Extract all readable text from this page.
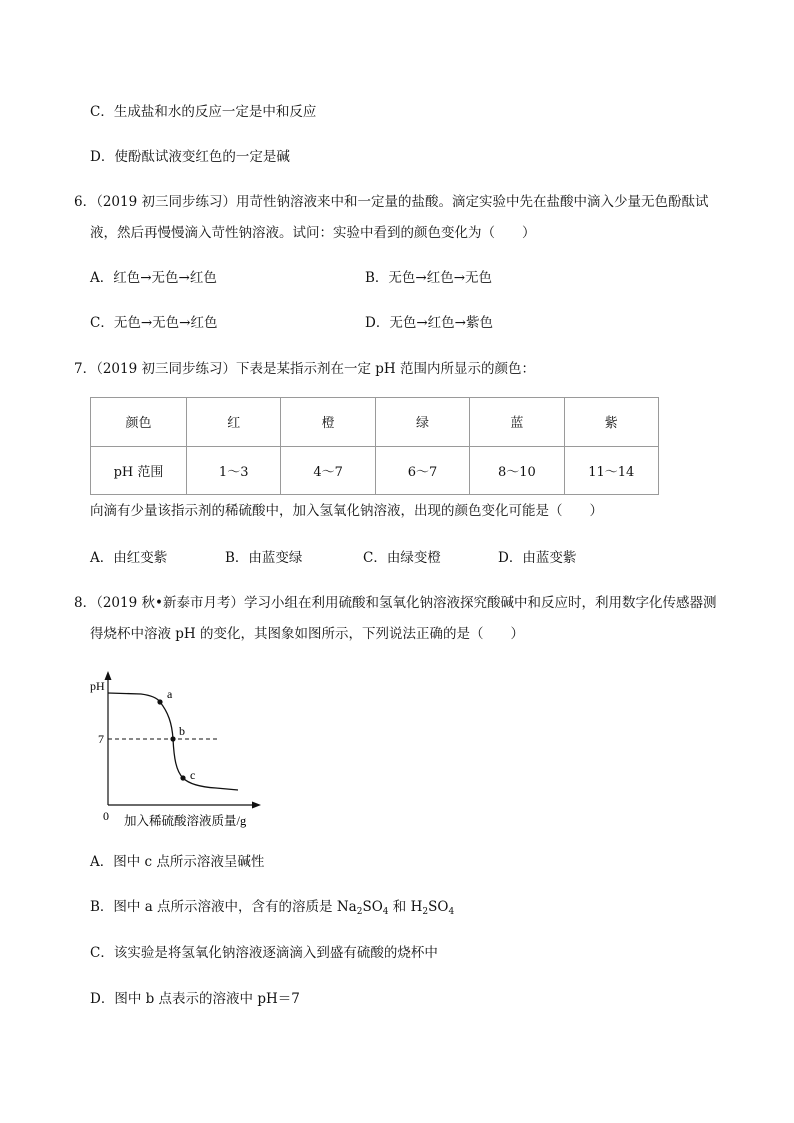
C．生成盐和水的反应一定是中和反应
D．使酚酞试液变红色的一定是碱
6．（2019 初三同步练习）用苛性钠溶液来中和一定量的盐酸。滴定实验中先在盐酸中滴入少量无色酚酞试
液，然后再慢慢滴入苛性钠溶液。试问：实验中看到的颜色变化为（　　）
A．红色→无色→红色	B．无色→红色→无色
C．无色→无色→红色	D．无色→红色→紫色
7．（2019 初三同步练习）下表是某指示剂在一定 pH 范围内所显示的颜色：
颜色	红	橙	绿	蓝	紫
pH 范围	1～3	4～7	6～7	8～10	11～14
向滴有少量该指示剂的稀硫酸中，加入氢氧化钠溶液，出现的颜色变化可能是（　　）
A．由红变紫	B．由蓝变绿	C．由绿变橙	D．由蓝变紫
8．（2019 秋•新泰市月考）学习小组在利用硫酸和氢氧化钠溶液探究酸碱中和反应时，利用数字化传感器测
得烧杯中溶液 pH 的变化，其图象如图所示，下列说法正确的是（　　）
pH
7
0 加入稀硫酸溶液质量/g
a
b
c
A．图中 c 点所示溶液呈碱性
B．图中 a 点所示溶液中，含有的溶质是 $Na_2SO_4$ 和 $H_2SO_4$
C．该实验是将氢氧化钠溶液逐滴滴入到盛有硫酸的烧杯中
D．图中 b 点表示的溶液中 pH＝7
